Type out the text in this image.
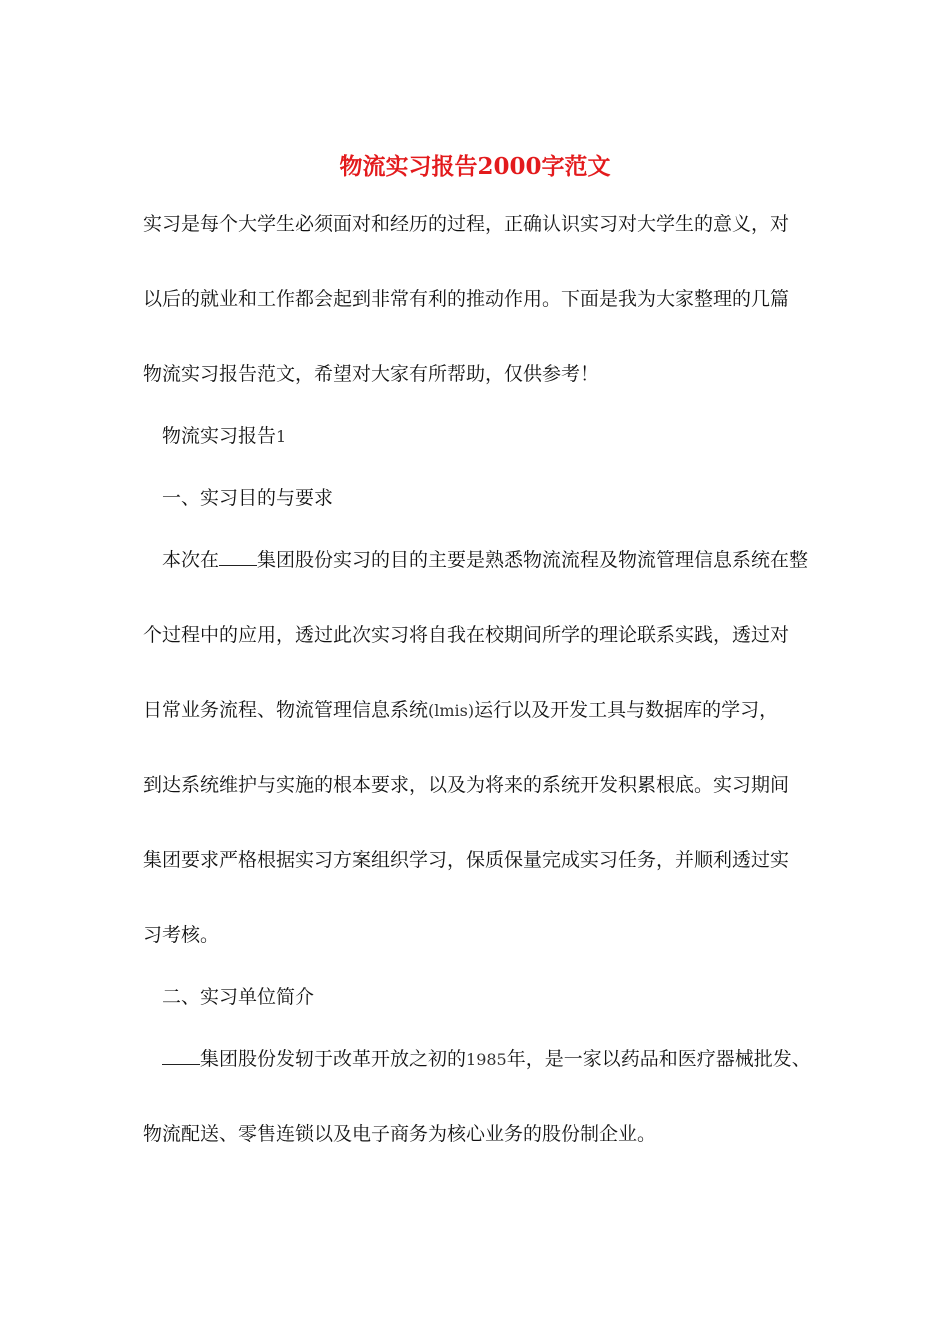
物流实习报告2000字范文

实习是每个大学生必须面对和经历的过程，正确认识实习对大学生的意义，对

以后的就业和工作都会起到非常有利的推动作用。下面是我为大家整理的几篇

物流实习报告范文，希望对大家有所帮助，仅供参考！

物流实习报告1

一、实习目的与要求

本次在 集团股份实习的目的主要是熟悉物流流程及物流管理信息系统在整

个过程中的应用，透过此次实习将自我在校期间所学的理论联系实践，透过对

日常业务流程、物流管理信息系统(lmis)运行以及开发工具与数据库的学习，

到达系统维护与实施的根本要求，以及为将来的系统开发积累根底。实习期间

集团要求严格根据实习方案组织学习，保质保量完成实习任务，并顺利透过实

习考核。

二、实习单位简介

集团股份发轫于改革开放之初的1985年，是一家以药品和医疗器械批发、

物流配送、零售连锁以及电子商务为核心业务的股份制企业。
